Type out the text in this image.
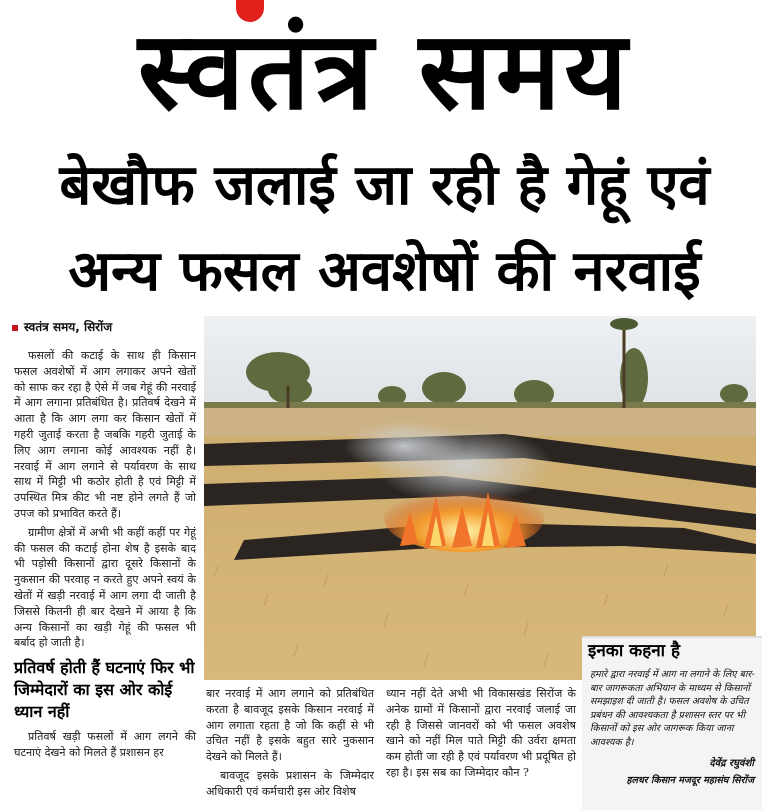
स्वतंत्र समय
बेखौफ जलाई जा रही है गेहूं एवं
अन्य फसल अवशेषों की नरवाई
स्वतंत्र समय, सिरोंज

फसलों की कटाई के साथ ही किसान फसल अवशेषों में आग लगाकर अपने खेतों को साफ कर रहा है ऐसे में जब गेहूं की नरवाई में आग लगाना प्रतिबंधित है। प्रतिवर्ष देखने में आता है कि आग लगा कर किसान खेतों में गहरी जुताई करता है जबकि गहरी जुताई के लिए आग लगाना कोई आवश्यक नहीं है। नरवाई में आग लगाने से पर्यावरण के साथ साथ में मिट्टी भी कठोर होती है एवं मिट्टी में उपस्थित मित्र कीट भी नष्ट होने लगते हैं जो उपज को प्रभावित करते हैं।

ग्रामीण क्षेत्रों में अभी भी कहीं कहीं पर गेहूं की फसल की कटाई होना शेष है इसके बाद भी पड़ोसी किसानों द्वारा दूसरे किसानों के नुकसान की परवाह न करते हुए अपने स्वयं के खेतों में खड़ी नरवाई में आग लगा दी जाती है जिससे कितनी ही बार देखने में आया है कि अन्य किसानों का खड़ी गेहूं की फसल भी बर्बाद हो जाती है।

प्रतिवर्ष होती हैं घटनाएं फिर भी जिम्मेदारों का इस ओर कोई ध्यान नहीं

प्रतिवर्ष खड़ी फसलों में आग लगने की घटनाएं देखने को मिलते हैं प्रशासन हर

बार नरवाई में आग लगाने को प्रतिबंधित करता है बावजूद इसके किसान नरवाई में आग लगाता रहता है जो कि कहीं से भी उचित नहीं है इसके बहुत सारे नुकसान देखने को मिलते हैं।

बावजूद इसके प्रशासन के जिम्मेदार अधिकारी एवं कर्मचारी इस ओर विशेष

ध्यान नहीं देते अभी भी विकासखंड सिरोंज के अनेक ग्रामों में किसानों द्वारा नरवाई जलाई जा रही है जिससे जानवरों को भी फसल अवशेष खाने को नहीं मिल पाते मिट्टी की उर्वरा क्षमता कम होती जा रही है एवं पर्यावरण भी प्रदूषित हो रहा है। इस सब का जिम्मेदार कौन ?

इनका कहना है
हमारे द्वारा नरवाई में आग ना लगाने के लिए बार-बार जागरूकता अभियान के माध्यम से किसानों समझाइश दी जाती है। फसल अवशेष के उचित प्रबंधन की आवश्यकता है प्रशासन स्तर पर भी किसानों को इस ओर जागरूक किया जाना आवश्यक है।
देवेंद्र रघुवंशी
हलधर किसान मजदूर महासंघ सिरोंज
